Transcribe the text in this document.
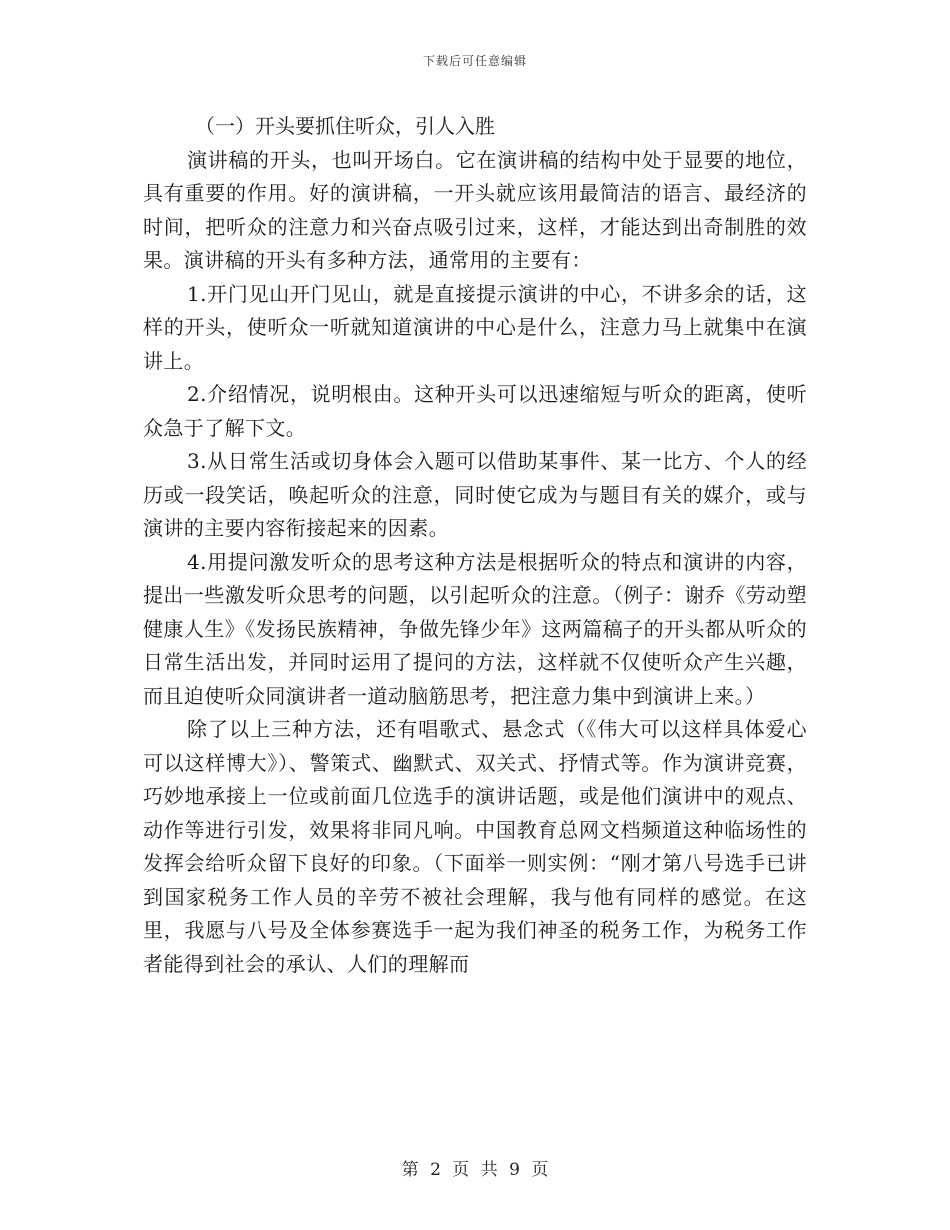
下载后可任意编辑

（一）开头要抓住听众，引人入胜

演讲稿的开头，也叫开场白。它在演讲稿的结构中处于显要的地位，具有重要的作用。好的演讲稿，一开头就应该用最简洁的语言、最经济的时间，把听众的注意力和兴奋点吸引过来，这样，才能达到出奇制胜的效果。演讲稿的开头有多种方法，通常用的主要有：

1.开门见山开门见山，就是直接提示演讲的中心，不讲多余的话，这样的开头，使听众一听就知道演讲的中心是什么，注意力马上就集中在演讲上。

2.介绍情况，说明根由。这种开头可以迅速缩短与听众的距离，使听众急于了解下文。

3.从日常生活或切身体会入题可以借助某事件、某一比方、个人的经历或一段笑话，唤起听众的注意，同时使它成为与题目有关的媒介，或与演讲的主要内容衔接起来的因素。

4.用提问激发听众的思考这种方法是根据听众的特点和演讲的内容，提出一些激发听众思考的问题，以引起听众的注意。（例子：谢乔《劳动塑健康人生》《发扬民族精神，争做先锋少年》这两篇稿子的开头都从听众的日常生活出发，并同时运用了提问的方法，这样就不仅使听众产生兴趣，而且迫使听众同演讲者一道动脑筋思考，把注意力集中到演讲上来。）

除了以上三种方法，还有唱歌式、悬念式（《伟大可以这样具体爱心可以这样博大》）、警策式、幽默式、双关式、抒情式等。作为演讲竞赛，巧妙地承接上一位或前面几位选手的演讲话题，或是他们演讲中的观点、动作等进行引发，效果将非同凡响。中国教育总网文档频道这种临场性的发挥会给听众留下良好的印象。（下面举一则实例：“刚才第八号选手已讲到国家税务工作人员的辛劳不被社会理解，我与他有同样的感觉。在这里，我愿与八号及全体参赛选手一起为我们神圣的税务工作，为税务工作者能得到社会的承认、人们的理解而

第 2 页 共 9 页
